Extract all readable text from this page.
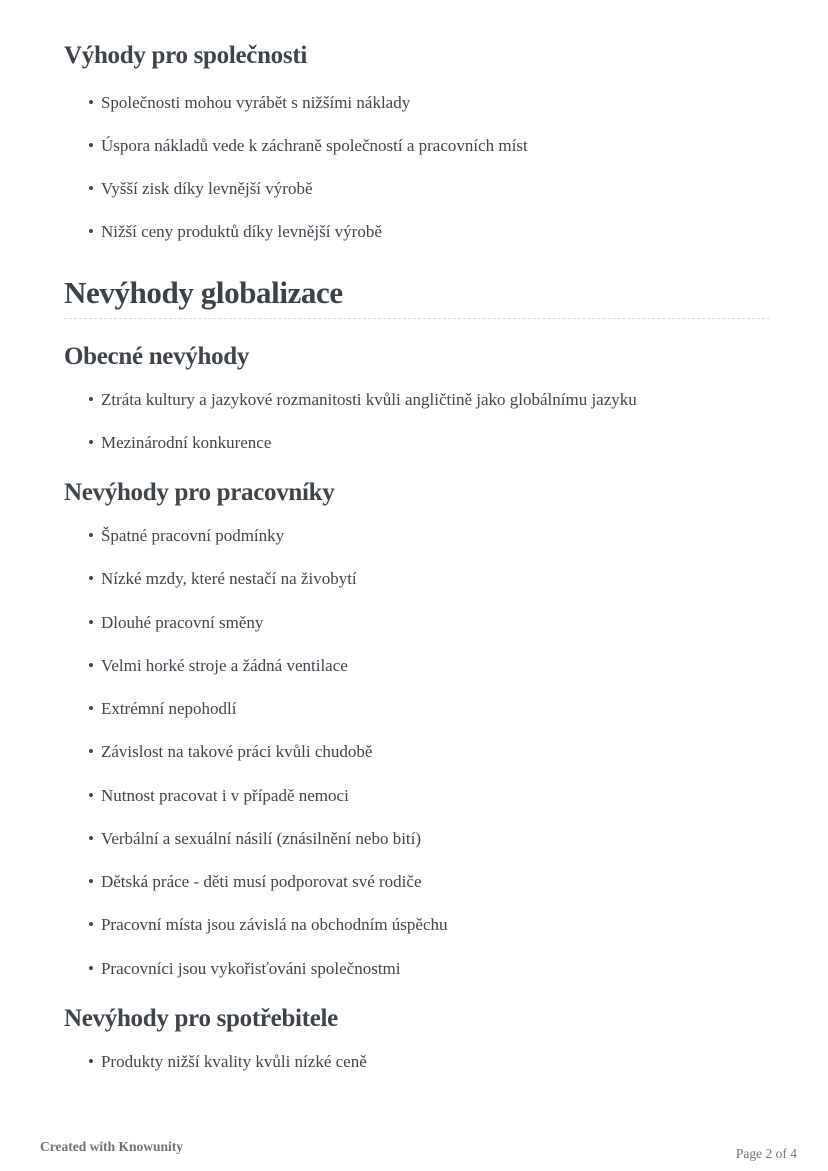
Výhody pro společnosti
• Společnosti mohou vyrábět s nižšími náklady
• Úspora nákladů vede k záchraně společností a pracovních míst
• Vyšší zisk díky levnější výrobě
• Nižší ceny produktů díky levnější výrobě
Nevýhody globalizace
Obecné nevýhody
• Ztráta kultury a jazykové rozmanitosti kvůli angličtině jako globálnímu jazyku
• Mezinárodní konkurence
Nevýhody pro pracovníky
• Špatné pracovní podmínky
• Nízké mzdy, které nestačí na živobytí
• Dlouhé pracovní směny
• Velmi horké stroje a žádná ventilace
• Extrémní nepohodlí
• Závislost na takové práci kvůli chudobě
• Nutnost pracovat i v případě nemoci
• Verbální a sexuální násilí (znásilnění nebo bití)
• Dětská práce - děti musí podporovat své rodiče
• Pracovní místa jsou závislá na obchodním úspěchu
• Pracovníci jsou vykořisťováni společnostmi
Nevýhody pro spotřebitele
• Produkty nižší kvality kvůli nízké ceně
Created with Knowunity	Page 2 of 4
